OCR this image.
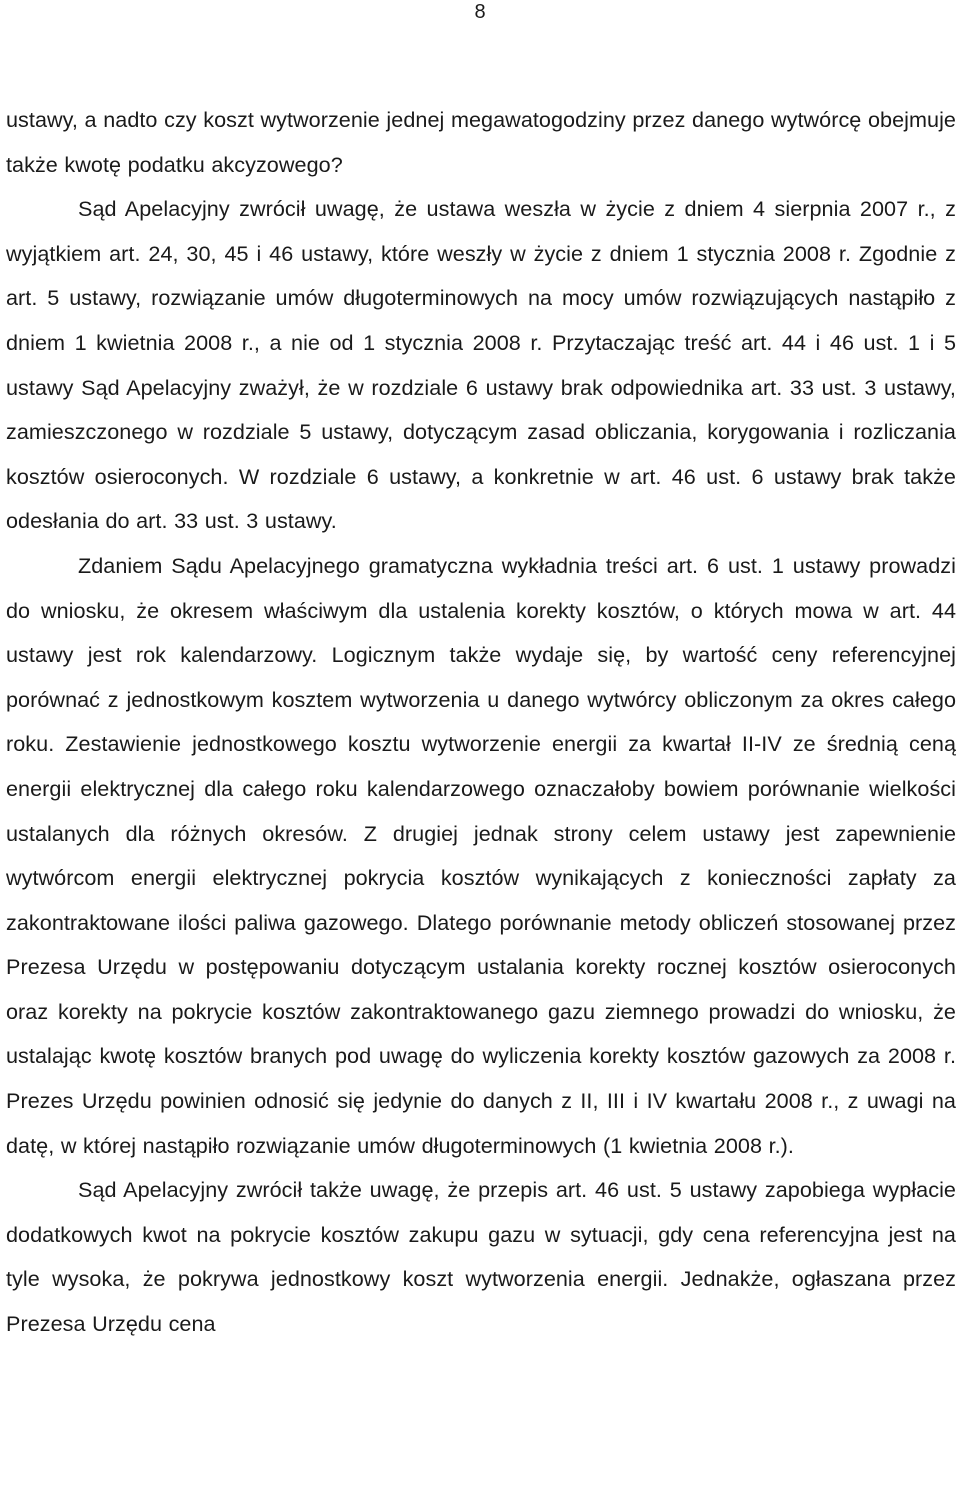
8

ustawy, a nadto czy koszt wytworzenie jednej megawatogodziny przez danego wytwórcę obejmuje także kwotę podatku akcyzowego?

Sąd Apelacyjny zwrócił uwagę, że ustawa weszła w życie z dniem 4 sierpnia 2007 r., z wyjątkiem art. 24, 30, 45 i 46 ustawy, które weszły w życie z dniem 1 stycznia 2008 r. Zgodnie z art. 5 ustawy, rozwiązanie umów długoterminowych na mocy umów rozwiązujących nastąpiło z dniem 1 kwietnia 2008 r., a nie od 1 stycznia 2008 r. Przytaczając treść art. 44 i 46 ust. 1 i 5 ustawy Sąd Apelacyjny zważył, że w rozdziale 6 ustawy brak odpowiednika art. 33 ust. 3 ustawy, zamieszczonego w rozdziale 5 ustawy, dotyczącym zasad obliczania, korygowania i rozliczania kosztów osieroconych. W rozdziale 6 ustawy, a konkretnie w art. 46 ust. 6 ustawy brak także odesłania do art. 33 ust. 3 ustawy.

Zdaniem Sądu Apelacyjnego gramatyczna wykładnia treści art. 6 ust. 1 ustawy prowadzi do wniosku, że okresem właściwym dla ustalenia korekty kosztów, o których mowa w art. 44 ustawy jest rok kalendarzowy. Logicznym także wydaje się, by wartość ceny referencyjnej porównać z jednostkowym kosztem wytworzenia u danego wytwórcy obliczonym za okres całego roku. Zestawienie jednostkowego kosztu wytworzenie energii za kwartał II-IV ze średnią ceną energii elektrycznej dla całego roku kalendarzowego oznaczałoby bowiem porównanie wielkości ustalanych dla różnych okresów. Z drugiej jednak strony celem ustawy jest zapewnienie wytwórcom energii elektrycznej pokrycia kosztów wynikających z konieczności zapłaty za zakontraktowane ilości paliwa gazowego. Dlatego porównanie metody obliczeń stosowanej przez Prezesa Urzędu w postępowaniu dotyczącym ustalania korekty rocznej kosztów osieroconych oraz korekty na pokrycie kosztów zakontraktowanego gazu ziemnego prowadzi do wniosku, że ustalając kwotę kosztów branych pod uwagę do wyliczenia korekty kosztów gazowych za 2008 r. Prezes Urzędu powinien odnosić się jedynie do danych z II, III i IV kwartału 2008 r., z uwagi na datę, w której nastąpiło rozwiązanie umów długoterminowych (1 kwietnia 2008 r.).

Sąd Apelacyjny zwrócił także uwagę, że przepis art. 46 ust. 5 ustawy zapobiega wypłacie dodatkowych kwot na pokrycie kosztów zakupu gazu w sytuacji, gdy cena referencyjna jest na tyle wysoka, że pokrywa jednostkowy koszt wytworzenia energii. Jednakże, ogłaszana przez Prezesa Urzędu cena
